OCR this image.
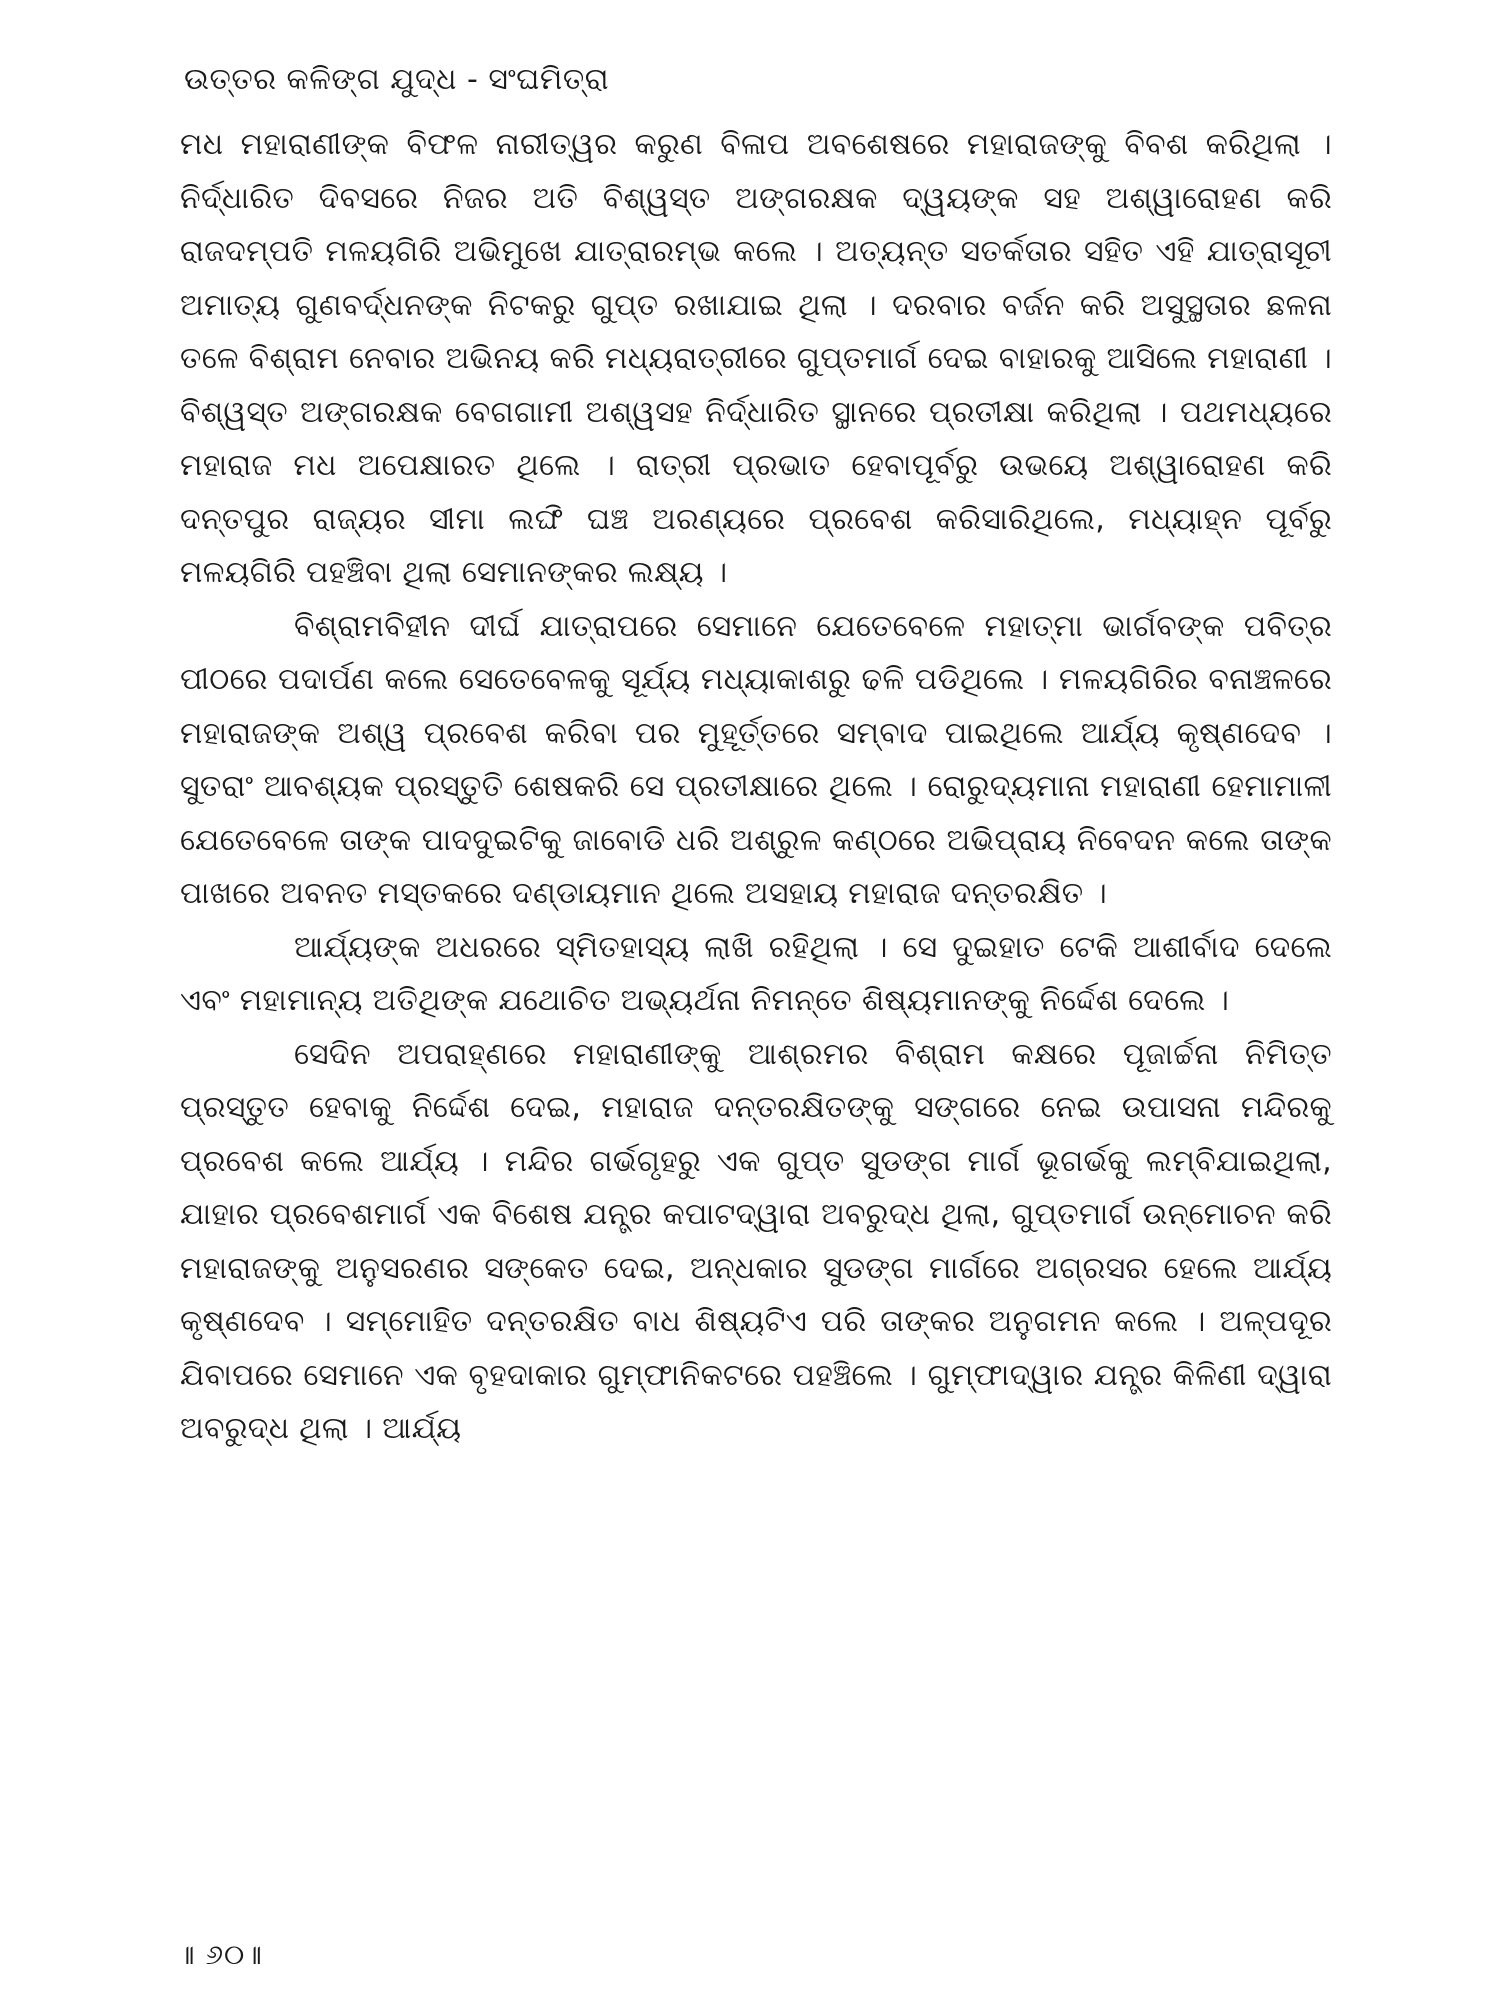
ଉତ୍ତର କଳିଙ୍ଗ ଯୁଦ୍ଧ - ସଂଘମିତ୍ରା

ମଧ ମହାରାଣୀଙ୍କ ବିଫଳ ନାରୀତ୍ୱର କରୁଣ ବିଳାପ ଅବଶେଷରେ ମହାରାଜଙ୍କୁ ବିବଶ କରିଥିଲା । ନିର୍ଦ୍ଧାରିତ ଦିବସରେ ନିଜର ଅତି ବିଶ୍ୱସ୍ତ ଅଙ୍ଗରକ୍ଷକ ଦ୍ୱୟଙ୍କ ସହ ଅଶ୍ୱାରୋହଣ କରି ରାଜଦମ୍ପତି ମଳୟଗିରି ଅଭିମୁଖେ ଯାତ୍ରାରମ୍ଭ କଲେ । ଅତ୍ୟନ୍ତ ସତର୍କତାର ସହିତ ଏହି ଯାତ୍ରାସୂଚୀ ଅମାତ୍ୟ ଗୁଣବର୍ଦ୍ଧନଙ୍କ ନିଟକରୁ ଗୁପ୍ତ ରଖାଯାଇ ଥିଲା । ଦରବାର ବର୍ଜନ କରି ଅସୁସ୍ଥତାର ଛଳନା ତଳେ ବିଶ୍ରାମ ନେବାର ଅଭିନୟ କରି ମଧ୍ୟରାତ୍ରୀରେ ଗୁପ୍ତମାର୍ଗ ଦେଇ ବାହାରକୁ ଆସିଲେ ମହାରାଣୀ । ବିଶ୍ୱସ୍ତ ଅଙ୍ଗରକ୍ଷକ ବେଗଗାମୀ ଅଶ୍ୱସହ ନିର୍ଦ୍ଧାରିତ ସ୍ଥାନରେ ପ୍ରତୀକ୍ଷା କରିଥିଲା । ପଥମଧ୍ୟରେ ମହାରାଜ ମଧ ଅପେକ୍ଷାରତ ଥିଲେ । ରାତ୍ରୀ ପ୍ରଭାତ ହେବାପୂର୍ବରୁ ଉଭୟେ ଅଶ୍ୱାରୋହଣ କରି ଦନ୍ତପୁର ରାଜ୍ୟର ସୀମା ଲଙ୍ଘି ଘଞ୍ଚ ଅରଣ୍ୟରେ ପ୍ରବେଶ କରିସାରିଥିଲେ, ମଧ୍ୟାହ୍ନ ପୂର୍ବରୁ ମଳୟଗିରି ପହଞ୍ଚିବା ଥିଲା ସେମାନଙ୍କର ଲକ୍ଷ୍ୟ ।

ବିଶ୍ରାମବିହୀନ ଦୀର୍ଘ ଯାତ୍ରାପରେ ସେମାନେ ଯେତେବେଳେ ମହାତ୍ମା ଭାର୍ଗବଙ୍କ ପବିତ୍ର ପୀଠରେ ପଦାର୍ପଣ କଲେ ସେତେବେଳକୁ ସୂର୍ଯ୍ୟ ମଧ୍ୟାକାଶରୁ ଢଳି ପଡିଥିଲେ । ମଳୟଗିରିର ବନାଞ୍ଚଳରେ ମହାରାଜଙ୍କ ଅଶ୍ୱ ପ୍ରବେଶ କରିବା ପର ମୁହୂର୍ତ୍ତରେ ସମ୍ବାଦ ପାଇଥିଲେ ଆର୍ଯ୍ୟ କୃଷ୍ଣଦେବ । ସୁତରାଂ ଆବଶ୍ୟକ ପ୍ରସ୍ତୁତି ଶେଷକରି ସେ ପ୍ରତୀକ୍ଷାରେ ଥିଲେ । ରୋରୁଦ୍ୟମାନା ମହାରାଣୀ ହେମାମାଳୀ ଯେତେବେଳେ ତାଙ୍କ ପାଦଦୁଇଟିକୁ ଜାବୋଡି ଧରି ଅଶ୍ରୁଳ କଣ୍ଠରେ ଅଭିପ୍ରାୟ ନିବେଦନ କଲେ ତାଙ୍କ ପାଖରେ ଅବନତ ମସ୍ତକରେ ଦଣ୍ଡାୟମାନ ଥିଲେ ଅସହାୟ ମହାରାଜ ଦନ୍ତରକ୍ଷିତ ।

ଆର୍ଯ୍ୟଙ୍କ ଅଧରରେ ସ୍ମିତହାସ୍ୟ ଲାଖି ରହିଥିଲା । ସେ ଦୁଇହାତ ଟେକି ଆଶୀର୍ବାଦ ଦେଲେ ଏବଂ ମହାମାନ୍ୟ ଅତିଥିଙ୍କ ଯଥୋଚିତ ଅଭ୍ୟର୍ଥନା ନିମନ୍ତେ ଶିଷ୍ୟମାନଙ୍କୁ ନିର୍ଦ୍ଦେଶ ଦେଲେ ।

ସେଦିନ ଅପରାହ୍ଣରେ ମହାରାଣୀଙ୍କୁ ଆଶ୍ରମର ବିଶ୍ରାମ କକ୍ଷରେ ପୂଜାର୍ଚ୍ଚନା ନିମିତ୍ତ ପ୍ରସ୍ତୁତ ହେବାକୁ ନିର୍ଦ୍ଦେଶ ଦେଇ, ମହାରାଜ ଦନ୍ତରକ୍ଷିତଙ୍କୁ ସଙ୍ଗରେ ନେଇ ଉପାସନା ମନ୍ଦିରକୁ ପ୍ରବେଶ କଲେ ଆର୍ଯ୍ୟ । ମନ୍ଦିର ଗର୍ଭଗୃହରୁ ଏକ ଗୁପ୍ତ ସୁଡଙ୍ଗ ମାର୍ଗ ଭୂଗର୍ଭକୁ ଲମ୍ବିଯାଇଥିଲା, ଯାହାର ପ୍ରବେଶମାର୍ଗ ଏକ ବିଶେଷ ଯନ୍ତ୍ର କପାଟଦ୍ୱାରା ଅବରୁଦ୍ଧ ଥିଲା, ଗୁପ୍ତମାର୍ଗ ଉନ୍ମୋଚନ କରି ମହାରାଜଙ୍କୁ ଅନୁସରଣର ସଙ୍କେତ ଦେଇ, ଅନ୍ଧକାର ସୁଡଙ୍ଗ ମାର୍ଗରେ ଅଗ୍ରସର ହେଲେ ଆର୍ଯ୍ୟ କୃଷ୍ଣଦେବ । ସମ୍ମୋହିତ ଦନ୍ତରକ୍ଷିତ ବାଧ ଶିଷ୍ୟଟିଏ ପରି ତାଙ୍କର ଅନୁଗମନ କଲେ । ଅଳ୍ପଦୂର ଯିବାପରେ ସେମାନେ ଏକ ବୃହଦାକାର ଗୁମ୍ଫାନିକଟରେ ପହଞ୍ଚିଲେ । ଗୁମ୍ଫାଦ୍ୱାର ଯନ୍ତ୍ର କିଳିଣୀ ଦ୍ୱାରା ଅବରୁଦ୍ଧ ଥିଲା । ଆର୍ଯ୍ୟ

॥ ୬୦॥
